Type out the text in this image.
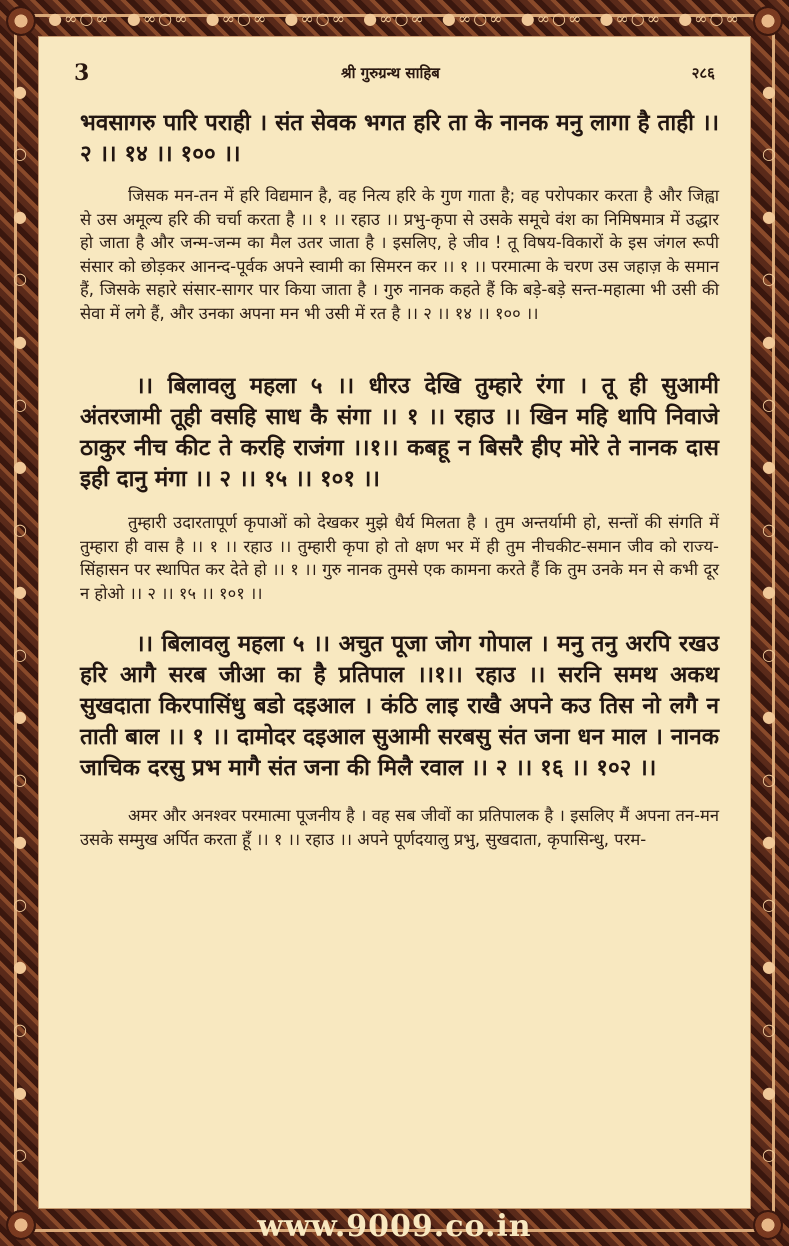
●∞○∞ ●∞○∞ ●∞○∞ ●∞○∞ ●∞○∞ ●∞○∞ ●∞○∞ ●∞○∞ ●∞○∞
●
○
●
○
●
○
●
○
●
○
●
○
●
○
●
○
●
○
●
○
●
○
●
○
●
○
●
○
●
○
●
○
●
○
●
○
3	श्री गुरुग्रन्थ साहिब	२८६

भवसागरु पारि पराही । संत सेवक भगत हरि ता के नानक मनु लागा है ताही ।। २ ।। १४ ।। १०० ।।

जिसक मन-तन में हरि विद्यमान है, वह नित्य हरि के गुण गाता है; वह परोपकार करता है और जिह्वा से उस अमूल्य हरि की चर्चा करता है ।। १ ।। रहाउ ।। प्रभु-कृपा से उसके समूचे वंश का निमिषमात्र में उद्धार हो जाता है और जन्म-जन्म का मैल उतर जाता है । इसलिए, हे जीव ! तू विषय-विकारों के इस जंगल रूपी संसार को छोड़कर आनन्द-पूर्वक अपने स्वामी का सिमरन कर ।। १ ।। परमात्मा के चरण उस जहाज़ के समान हैं, जिसके सहारे संसार-सागर पार किया जाता है । गुरु नानक कहते हैं कि बड़े-बड़े सन्त-महात्मा भी उसी की सेवा में लगे हैं, और उनका अपना मन भी उसी में रत है ।। २ ।। १४ ।। १०० ।।

।। बिलावलु महला ५ ।। धीरउ देखि तुम्हारे रंगा । तू ही सुआमी अंतरजामी तूही वसहि साध कै संगा ।। १ ।। रहाउ ।। खिन महि थापि निवाजे ठाकुर नीच कीट ते करहि राजंगा ।।१।। कबहू न बिसरै हीए मोरे ते नानक दास इही दानु मंगा ।। २ ।। १५ ।। १०१ ।।

तुम्हारी उदारतापूर्ण कृपाओं को देखकर मुझे धैर्य मिलता है । तुम अन्तर्यामी हो, सन्तों की संगति में तुम्हारा ही वास है ।। १ ।। रहाउ ।। तुम्हारी कृपा हो तो क्षण भर में ही तुम नीचकीट-समान जीव को राज्य-सिंहासन पर स्थापित कर देते हो ।। १ ।। गुरु नानक तुमसे एक कामना करते हैं कि तुम उनके मन से कभी दूर न होओ ।। २ ।। १५ ।। १०१ ।।

।। बिलावलु महला ५ ।। अचुत पूजा जोग गोपाल । मनु तनु अरपि रखउ हरि आगै सरब जीआ का है प्रतिपाल ।।१।। रहाउ ।। सरनि समथ अकथ सुखदाता किरपासिंधु बडो दइआल । कंठि लाइ राखै अपने कउ तिस नो लगै न ताती बाल ।। १ ।। दामोदर दइआल सुआमी सरबसु संत जना धन माल । नानक जाचिक दरसु प्रभ मागै संत जना की मिलै रवाल ।। २ ।। १६ ।। १०२ ।।

अमर और अनश्वर परमात्मा पूजनीय है । वह सब जीवों का प्रतिपालक है । इसलिए मैं अपना तन-मन उसके सम्मुख अर्पित करता हूँ ।। १ ।। रहाउ ।। अपने पूर्णदयालु प्रभु, सुखदाता, कृपासिन्धु, परम-

www.9009.co.in
